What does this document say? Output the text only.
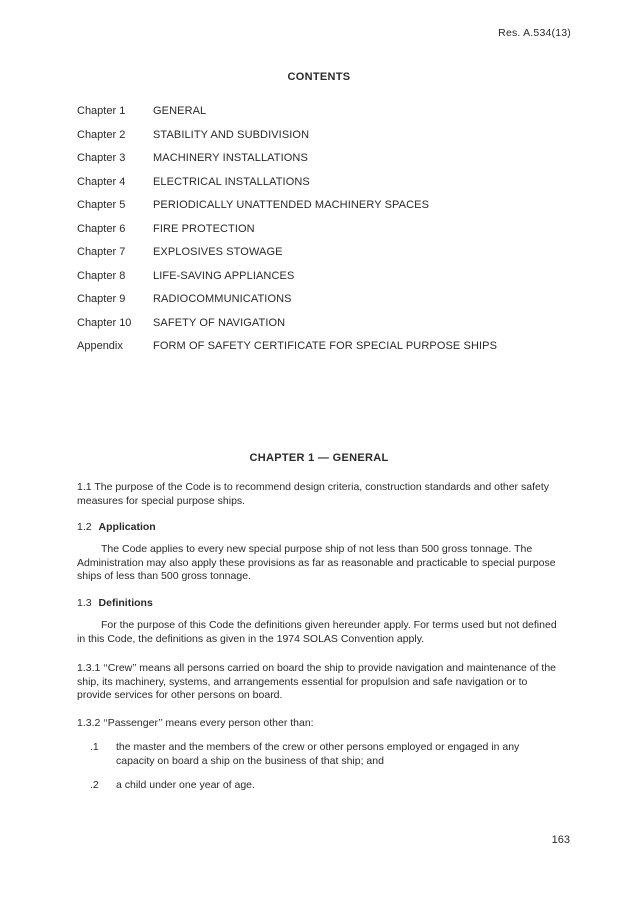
Res. A.534(13)
CONTENTS
Chapter 1	GENERAL
Chapter 2	STABILITY AND SUBDIVISION
Chapter 3	MACHINERY INSTALLATIONS
Chapter 4	ELECTRICAL INSTALLATIONS
Chapter 5	PERIODICALLY UNATTENDED MACHINERY SPACES
Chapter 6	FIRE PROTECTION
Chapter 7	EXPLOSIVES STOWAGE
Chapter 8	LIFE-SAVING APPLIANCES
Chapter 9	RADIOCOMMUNICATIONS
Chapter 10	SAFETY OF NAVIGATION
Appendix	FORM OF SAFETY CERTIFICATE FOR SPECIAL PURPOSE SHIPS
CHAPTER 1 — GENERAL
1.1 The purpose of the Code is to recommend design criteria, construction standards and other safety measures for special purpose ships.
1.2 Application
The Code applies to every new special purpose ship of not less than 500 gross tonnage. The Administration may also apply these provisions as far as reasonable and practicable to special purpose ships of less than 500 gross tonnage.
1.3 Definitions
For the purpose of this Code the definitions given hereunder apply. For terms used but not defined in this Code, the definitions as given in the 1974 SOLAS Convention apply.
1.3.1 ‘‘Crew’’ means all persons carried on board the ship to provide navigation and maintenance of the ship, its machinery, systems, and arrangements essential for propulsion and safe navigation or to provide services for other persons on board.
1.3.2 ‘‘Passenger’’ means every person other than:
.1	the master and the members of the crew or other persons employed or engaged in any capacity on board a ship on the business of that ship; and
.2	a child under one year of age.
163
